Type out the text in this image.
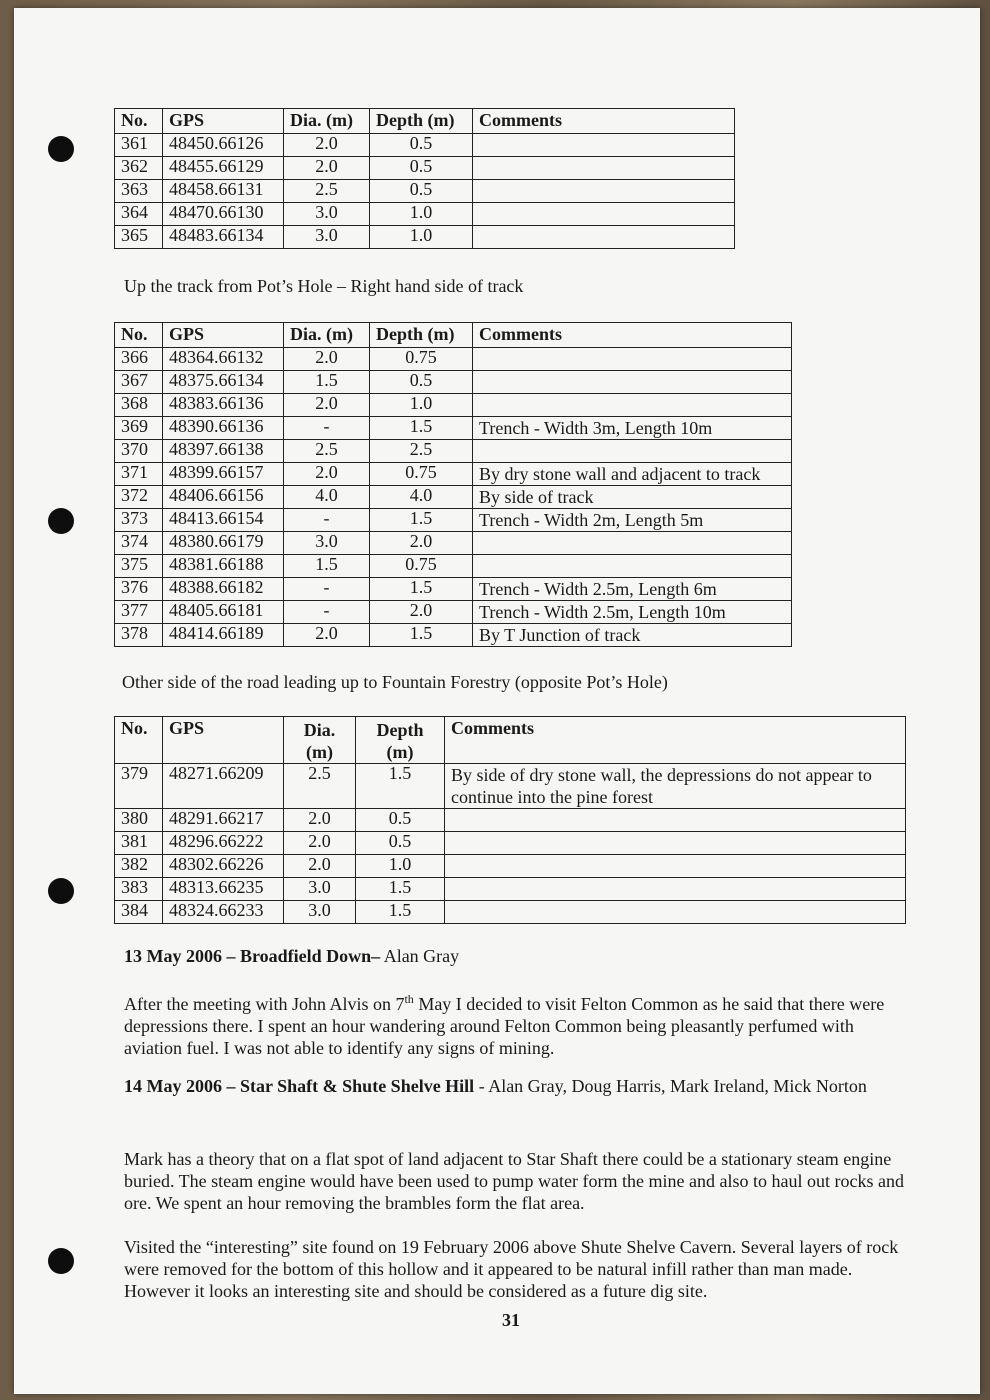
No.	GPS	Dia. (m)	Depth (m)	Comments
361	48450.66126	2.0	0.5	
362	48455.66129	2.0	0.5	
363	48458.66131	2.5	0.5	
364	48470.66130	3.0	1.0	
365	48483.66134	3.0	1.0	
Up the track from Pot’s Hole – Right hand side of track
No.	GPS	Dia. (m)	Depth (m)	Comments
366	48364.66132	2.0	0.75	
367	48375.66134	1.5	0.5	
368	48383.66136	2.0	1.0	
369	48390.66136	-	1.5	Trench - Width 3m, Length 10m
370	48397.66138	2.5	2.5	
371	48399.66157	2.0	0.75	By dry stone wall and adjacent to track
372	48406.66156	4.0	4.0	By side of track
373	48413.66154	-	1.5	Trench - Width 2m, Length 5m
374	48380.66179	3.0	2.0	
375	48381.66188	1.5	0.75	
376	48388.66182	-	1.5	Trench - Width 2.5m, Length 6m
377	48405.66181	-	2.0	Trench - Width 2.5m, Length 10m
378	48414.66189	2.0	1.5	By T Junction of track
Other side of the road leading up to Fountain Forestry (opposite Pot’s Hole)
No.	GPS	Dia. (m)	Depth (m)	Comments
379	48271.66209	2.5	1.5	By side of dry stone wall, the depressions do not appear to continue into the pine forest
380	48291.66217	2.0	0.5	
381	48296.66222	2.0	0.5	
382	48302.66226	2.0	1.0	
383	48313.66235	3.0	1.5	
384	48324.66233	3.0	1.5	
13 May 2006 – Broadfield Down– Alan Gray
After the meeting with John Alvis on 7th May I decided to visit Felton Common as he said that there were depressions there. I spent an hour wandering around Felton Common being pleasantly perfumed with aviation fuel. I was not able to identify any signs of mining.
14 May 2006 – Star Shaft & Shute Shelve Hill - Alan Gray, Doug Harris, Mark Ireland, Mick Norton
Mark has a theory that on a flat spot of land adjacent to Star Shaft there could be a stationary steam engine buried. The steam engine would have been used to pump water form the mine and also to haul out rocks and ore. We spent an hour removing the brambles form the flat area.
Visited the “interesting” site found on 19 February 2006 above Shute Shelve Cavern. Several layers of rock were removed for the bottom of this hollow and it appeared to be natural infill rather than man made. However it looks an interesting site and should be considered as a future dig site.
31
